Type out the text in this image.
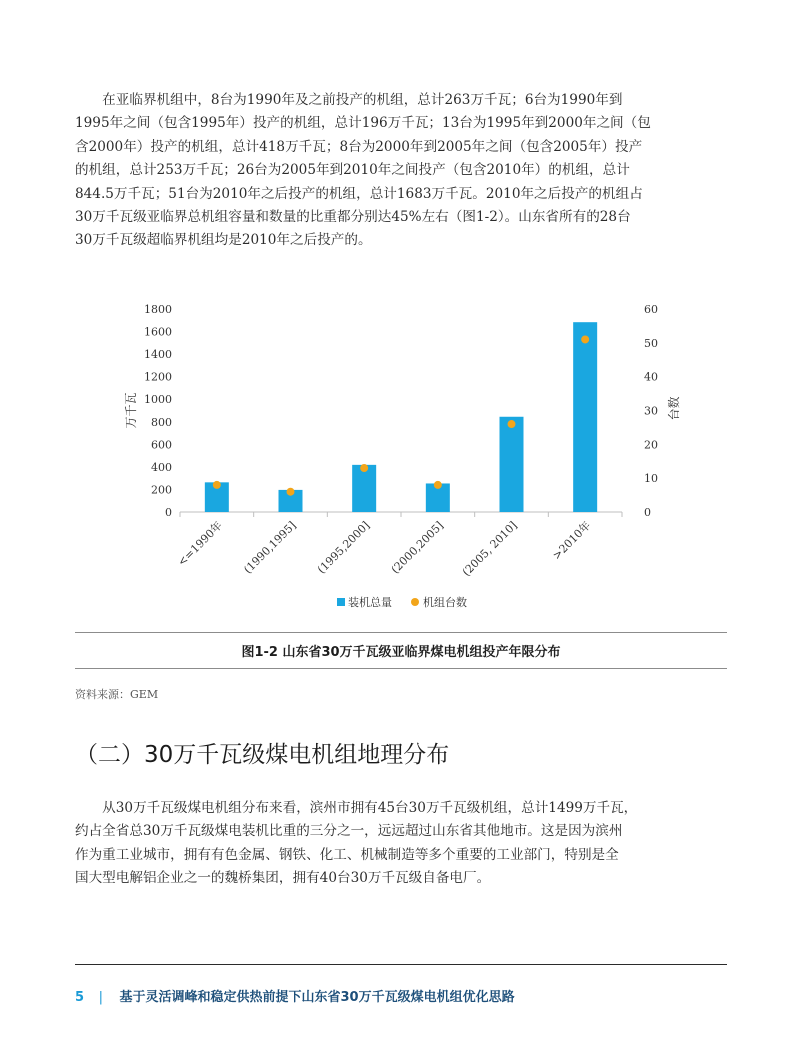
　　在亚临界机组中，8台为1990年及之前投产的机组，总计263万千瓦；6台为1990年到
1995年之间（包含1995年）投产的机组，总计196万千瓦；13台为1995年到2000年之间（包
含2000年）投产的机组，总计418万千瓦；8台为2000年到2005年之间（包含2005年）投产
的机组，总计253万千瓦；26台为2005年到2010年之间投产（包含2010年）的机组，总计
844.5万千瓦；51台为2010年之后投产的机组，总计1683万千瓦。2010年之后投产的机组占
30万千瓦级亚临界总机组容量和数量的比重都分别达45%左右（图1-2）。山东省所有的28台
30万千瓦级超临界机组均是2010年之后投产的。
0
200
400
600
800
1000
1200
1400
1600
1800
0
10
20
30
40
50
60
万千瓦	台数
<=1990年 (1990,1995] (1995,2000] (2000,2005] (2005, 2010]	>2010年
装机总量	机组台数
图1-2 山东省30万千瓦级亚临界煤电机组投产年限分布
资料来源：GEM
（二）30万千瓦级煤电机组地理分布
　　从30万千瓦级煤电机组分布来看，滨州市拥有45台30万千瓦级机组，总计1499万千瓦，
约占全省总30万千瓦级煤电装机比重的三分之一，远远超过山东省其他地市。这是因为滨州
作为重工业城市，拥有有色金属、钢铁、化工、机械制造等多个重要的工业部门，特别是全
国大型电解铝企业之一的魏桥集团，拥有40台30万千瓦级自备电厂。
5 | 基于灵活调峰和稳定供热前提下山东省30万千瓦级煤电机组优化思路
